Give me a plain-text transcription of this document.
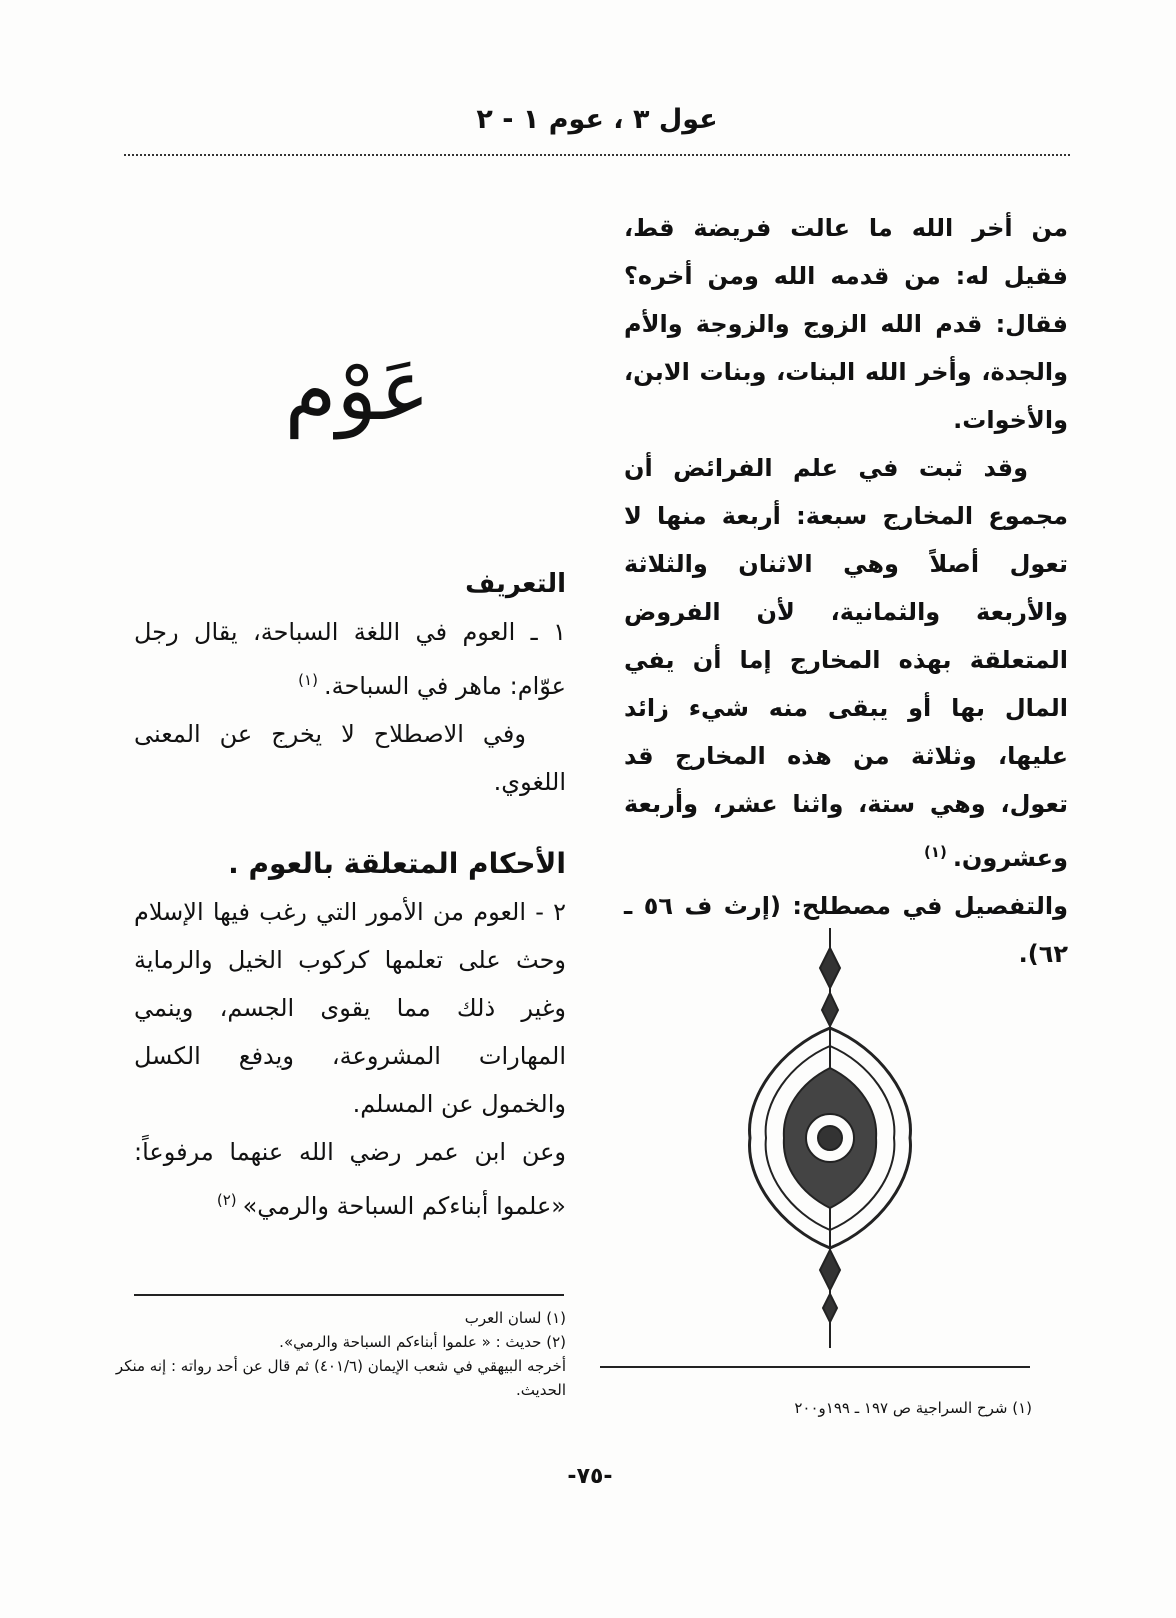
عول ٣ ، عوم ١ - ٢

من أخر الله ما عالت فريضة قط، فقيل له: من قدمه الله ومن أخره؟ فقال: قدم الله الزوج والزوجة والأم والجدة، وأخر الله البنات، وبنات الابن، والأخوات.

وقد ثبت في علم الفرائض أن مجموع المخارج سبعة: أربعة منها لا تعول أصلاً وهي الاثنان والثلاثة والأربعة والثمانية، لأن الفروض المتعلقة بهذه المخارج إما أن يفي المال بها أو يبقى منه شيء زائد عليها، وثلاثة من هذه المخارج قد تعول، وهي ستة، واثنا عشر، وأربعة وعشرون.$^{(١)}$

والتفصيل في مصطلح: (إرث ف ٥٦ ـ ٦٢).

عَوْم

التعريف

١ ـ العوم في اللغة السباحة، يقال رجل عوّام: ماهر في السباحة.$^{(١)}$

وفي الاصطلاح لا يخرج عن المعنى اللغوي.

الأحكام المتعلقة بالعوم .

٢ - العوم من الأمور التي رغب فيها الإسلام وحث على تعلمها كركوب الخيل والرماية وغير ذلك مما يقوى الجسم، وينمي المهارات المشروعة، ويدفع الكسل والخمول عن المسلم.

وعن ابن عمر رضي الله عنهما مرفوعاً: «علموا أبناءكم السباحة والرمي»$^{(٢)}$

(١) لسان العرب
(٢) حديث : « علموا أبناءكم السباحة والرمي».
أخرجه البيهقي في شعب الإيمان (٤٠١/٦) ثم قال عن أحد رواته : إنه منكر الحديث.
(١) شرح السراجية ص ١٩٧ ـ ١٩٩و٢٠٠
-٧٥-
